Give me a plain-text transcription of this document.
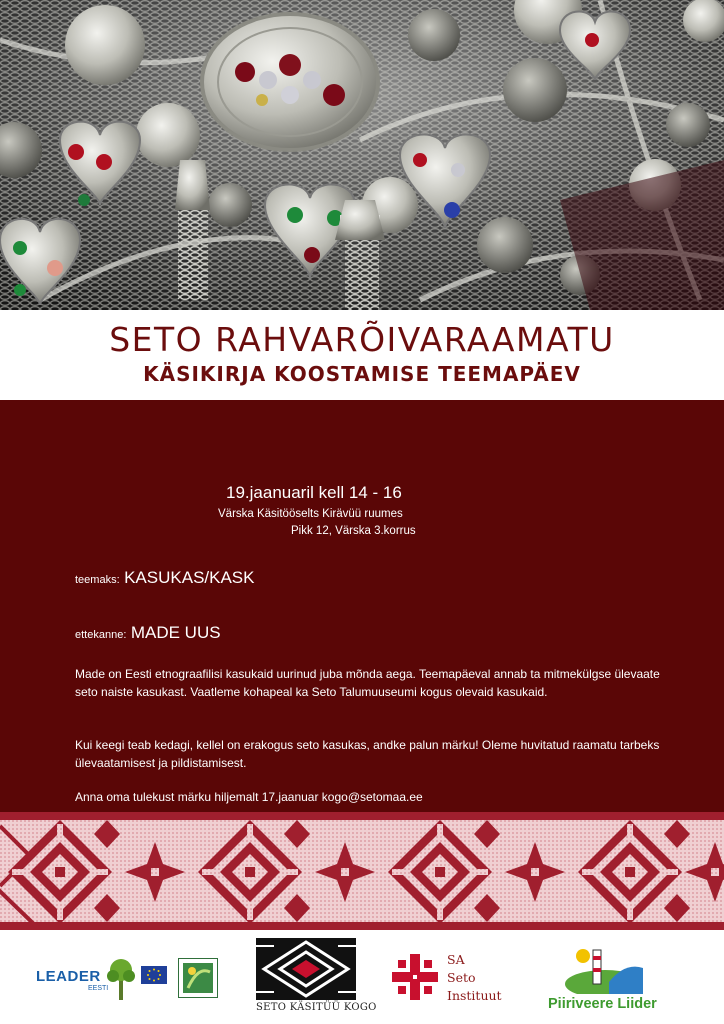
SETO RAHVARÕIVARAAMATU
KÄSIKIRJA KOOSTAMISE TEEMAPÄEV
19.jaanuaril kell 14 - 16
Värska Käsitööselts Kirävüü ruumes
Pikk 12, Värska 3.korrus
teemaks: KASUKAS/KASK
ettekanne: MADE UUS
Made on Eesti etnograafilisi kasukaid uurinud juba mõnda aega. Teemapäeval annab ta mitmekülgse ülevaate seto naiste kasukast. Vaatleme kohapeal ka Seto Talumuuseumi kogus olevaid kasukaid.
Kui keegi teab kedagi, kellel on erakogus seto kasukas, andke palun märku! Oleme huvitatud raamatu tarbeks ülevaatamisest ja pildistamisest.
Anna oma tulekust märku hiljemalt 17.jaanuar kogo@setomaa.ee
LEADER
EESTI
SETO KÄSITÜÜ KOGO
SA
Seto
Instituut
Piiriveere Liider
